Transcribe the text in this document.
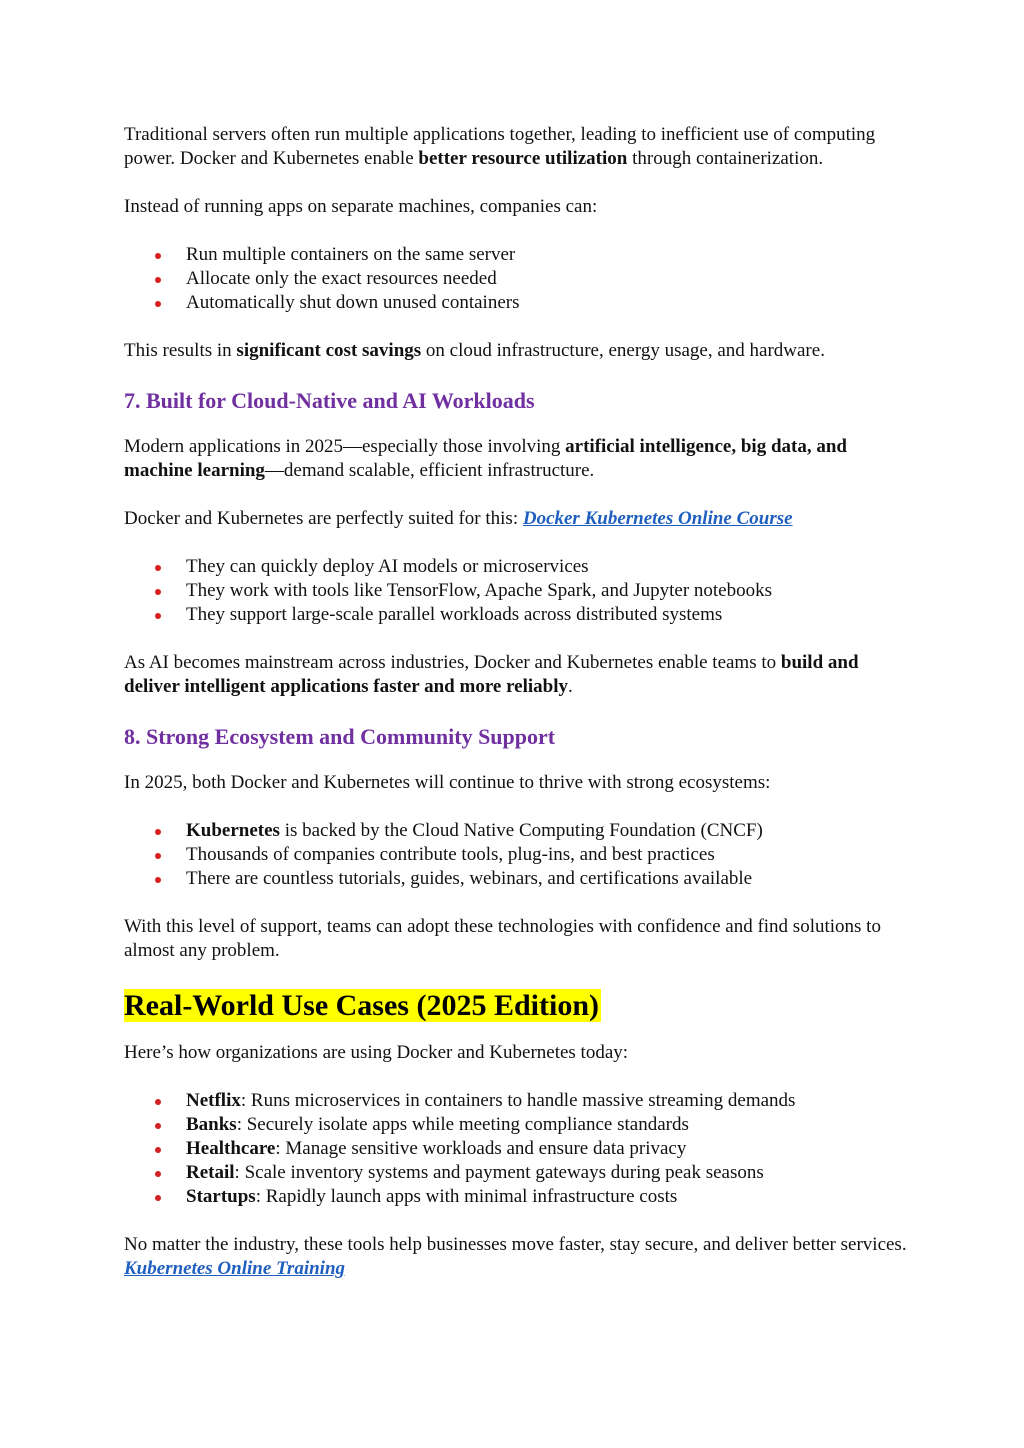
Traditional servers often run multiple applications together, leading to inefficient use of computing power. Docker and Kubernetes enable better resource utilization through containerization.

Instead of running apps on separate machines, companies can:

Run multiple containers on the same server
Allocate only the exact resources needed
Automatically shut down unused containers

This results in significant cost savings on cloud infrastructure, energy usage, and hardware.

7. Built for Cloud-Native and AI Workloads

Modern applications in 2025—especially those involving artificial intelligence, big data, and machine learning—demand scalable, efficient infrastructure.

Docker and Kubernetes are perfectly suited for this: Docker Kubernetes Online Course

They can quickly deploy AI models or microservices
They work with tools like TensorFlow, Apache Spark, and Jupyter notebooks
They support large-scale parallel workloads across distributed systems

As AI becomes mainstream across industries, Docker and Kubernetes enable teams to build and deliver intelligent applications faster and more reliably.

8. Strong Ecosystem and Community Support

In 2025, both Docker and Kubernetes will continue to thrive with strong ecosystems:

Kubernetes is backed by the Cloud Native Computing Foundation (CNCF)
Thousands of companies contribute tools, plug-ins, and best practices
There are countless tutorials, guides, webinars, and certifications available

With this level of support, teams can adopt these technologies with confidence and find solutions to almost any problem.

Real-World Use Cases (2025 Edition)

Here’s how organizations are using Docker and Kubernetes today:

Netflix: Runs microservices in containers to handle massive streaming demands
Banks: Securely isolate apps while meeting compliance standards
Healthcare: Manage sensitive workloads and ensure data privacy
Retail: Scale inventory systems and payment gateways during peak seasons
Startups: Rapidly launch apps with minimal infrastructure costs

No matter the industry, these tools help businesses move faster, stay secure, and deliver better services. Kubernetes Online Training
